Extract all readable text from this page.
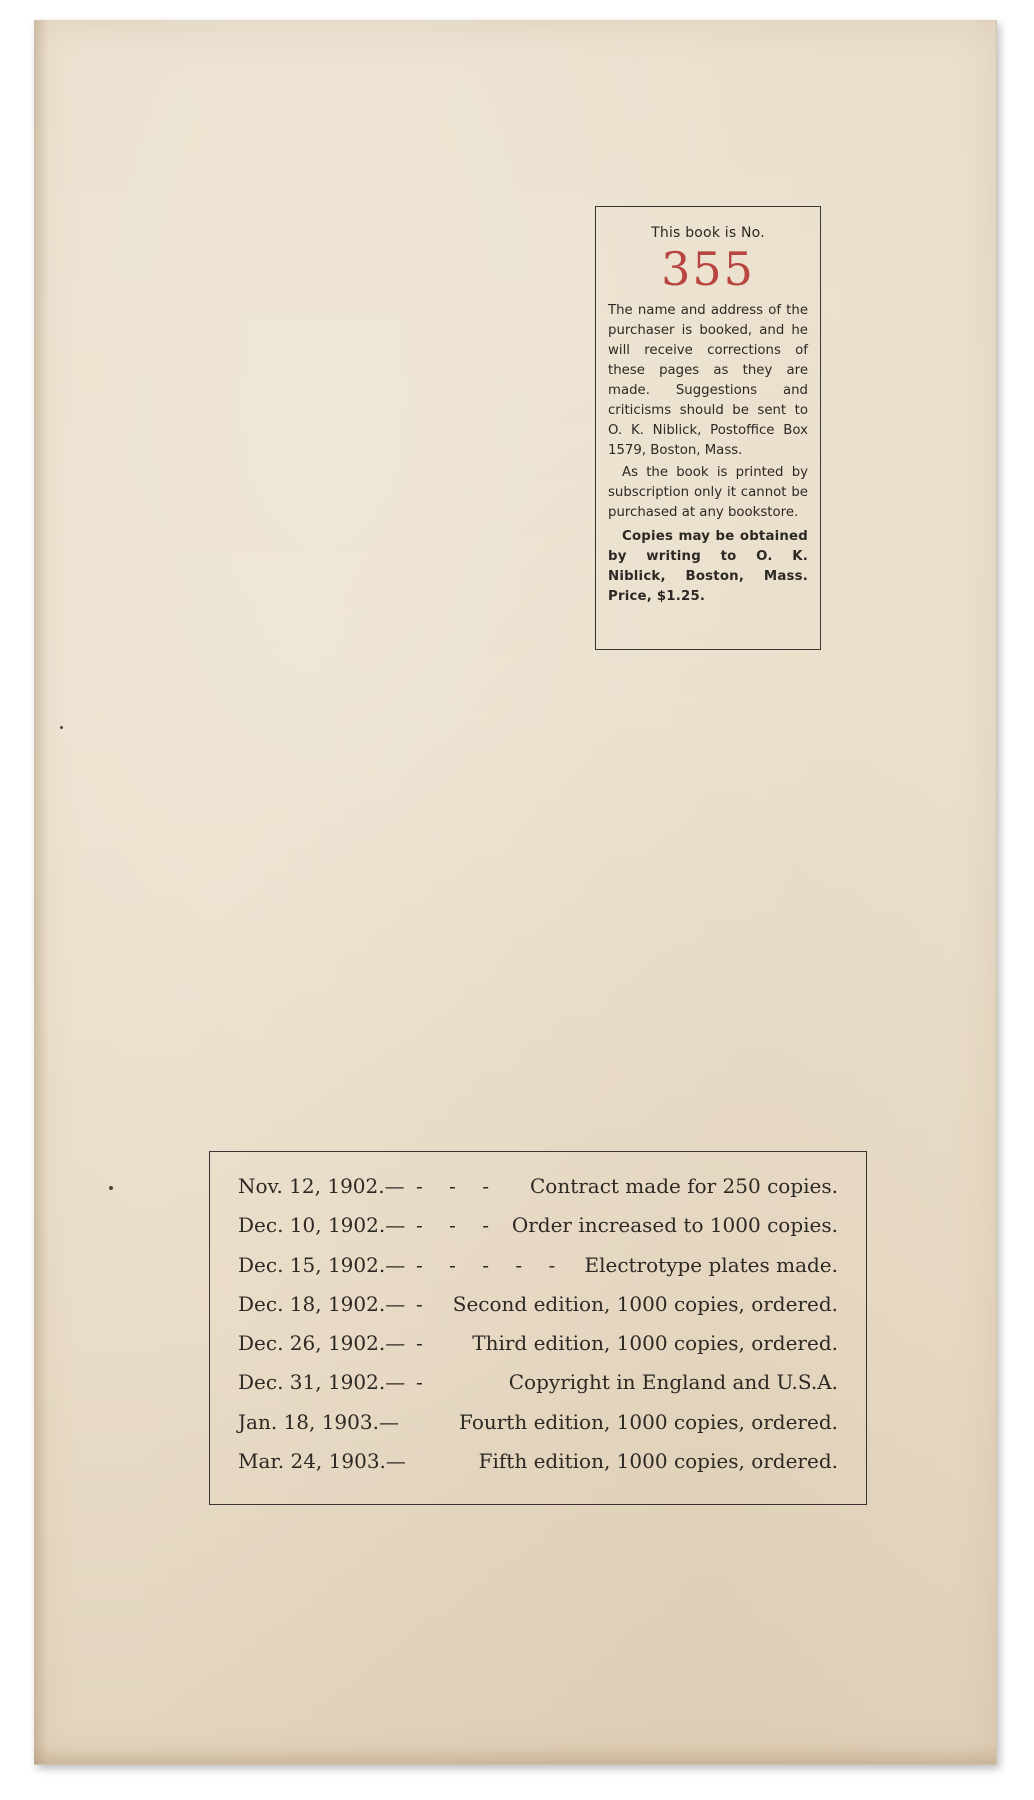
This book is No.
355

The name and address of the purchaser is booked, and he will receive corrections of these pages as they are made. Suggestions and criticisms should be sent to O. K. Niblick, Postoffice Box 1579, Boston, Mass.

As the book is printed by subscription only it cannot be purchased at any bookstore.

Copies may be obtained by writing to O. K. Niblick, Boston, Mass. Price, $1.25.

Nov. 12, 1902.— - - -	Contract made for 250 copies.
Dec. 10, 1902.— - - - Order increased to 1000 copies.
Dec. 15, 1902.— - - - - - Electrotype plates made.
Dec. 18, 1902.— -	Second edition, 1000 copies, ordered.
Dec. 26, 1902.— -	Third edition, 1000 copies, ordered.
Dec. 31, 1902.— -	Copyright in England and U.S.A.
Jan. 18, 1903.—	Fourth edition, 1000 copies, ordered.
Mar. 24, 1903.—	Fifth edition, 1000 copies, ordered.
